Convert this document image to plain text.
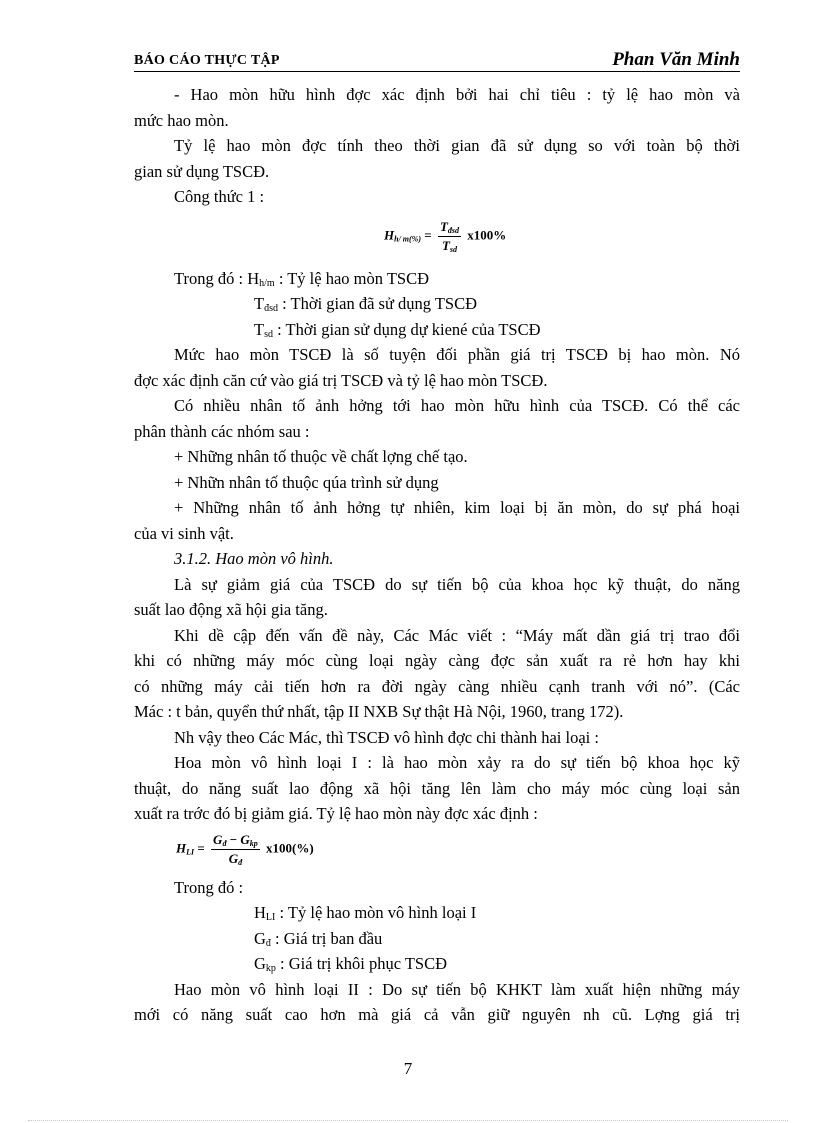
BÁO CÁO THỰC TẬP	Phan Văn Minh
- Hao mòn hữu hình đợc xác định bởi hai chỉ tiêu : tỷ lệ hao mòn và
mức hao mòn.
Tỷ lệ hao mòn đợc tính theo thời gian đã sử dụng so với toàn bộ thời
gian sử dụng TSCĐ.
Công thức 1 :
$H_{h/ m(\%)} = \frac{T_{đsd}}{T_{sd}} x100\%$
Trong đó : $H_{h/m}$ : Tỷ lệ hao mòn TSCĐ
$T_{đsd}$ : Thời gian đã sử dụng TSCĐ
$T_{sd}$ : Thời gian sử dụng dự kiené của TSCĐ
Mức hao mòn TSCĐ là số tuyện đối phần giá trị TSCĐ bị hao mòn. Nó
đợc xác định căn cứ vào giá trị TSCĐ và tỷ lệ hao mòn TSCĐ.
Có nhiều nhân tố ảnh hởng tới hao mòn hữu hình của TSCĐ. Có thể các
phân thành các nhóm sau :
+ Những nhân tố thuộc về chất lợng chế tạo.
+ Nhữn nhân tố thuộc qúa trình sử dụng
+ Những nhân tố ảnh hởng tự nhiên, kim loại bị ăn mòn, do sự phá hoại
của vi sinh vật.
3.1.2. Hao mòn vô hình.
Là sự giảm giá của TSCĐ do sự tiến bộ của khoa học kỹ thuật, do năng
suất lao động xã hội gia tăng.
Khi dề cập đến vấn đề này, Các Mác viết : “Máy mất dần giá trị trao đổi
khi có những máy móc cùng loại ngày càng đợc sản xuất ra rẻ hơn hay khi
có những máy cải tiến hơn ra đời ngày càng nhiều cạnh tranh với nó”. (Các
Mác : t bản, quyển thứ nhất, tập II NXB Sự thật Hà Nội, 1960, trang 172).
Nh vậy theo Các Mác, thì TSCĐ vô hình đợc chi thành hai loại :
Hoa mòn vô hình loại I : là hao mòn xảy ra do sự tiến bộ khoa học kỹ
thuật, do năng suất lao động xã hội tăng lên làm cho máy móc cùng loại sản
xuất ra trớc đó bị giảm giá. Tỷ lệ hao mòn này đợc xác định :
$H_{LI} = \frac{G_đ - G_{kp}}{G_đ} x100(\%)$
Trong đó :
$H_{LI}$ : Tỷ lệ hao mòn vô hình loại I
$G_đ$ : Giá trị ban đầu
$G_{kp}$ : Giá trị khôi phục TSCĐ
Hao mòn vô hình loại II : Do sự tiến bộ KHKT làm xuất hiện những máy
mới có năng suất cao hơn mà giá cả vẫn giữ nguyên nh cũ. Lợng giá trị
7
